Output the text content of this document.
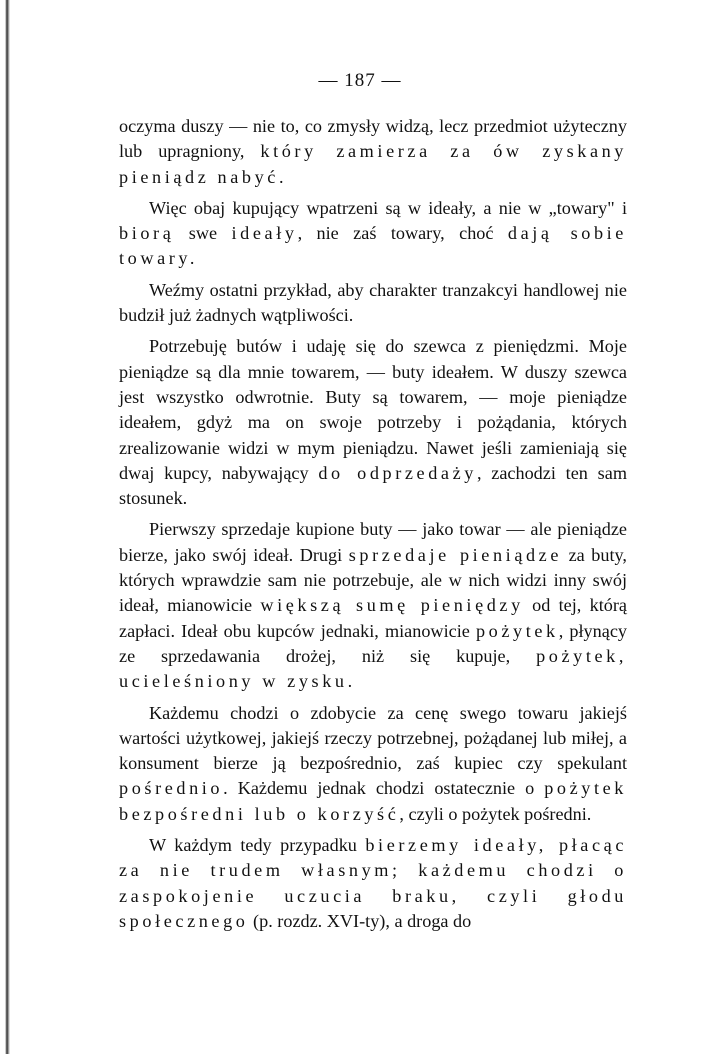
— 187 —

oczyma duszy — nie to, co zmysły widzą, lecz przedmiot użyteczny lub upragniony, który zamierza za ów zyskany pieniądz nabyć.

Więc obaj kupujący wpatrzeni są w ideały, a nie w „towary" i biorą swe ideały, nie zaś towary, choć dają sobie towary.

Weźmy ostatni przykład, aby charakter tranzakcyi handlowej nie budził już żadnych wątpliwości.

Potrzebuję butów i udaję się do szewca z pieniędzmi. Moje pieniądze są dla mnie towarem, — buty ideałem. W duszy szewca jest wszystko odwrotnie. Buty są towarem, — moje pieniądze ideałem, gdyż ma on swoje potrzeby i pożądania, których zrealizowanie widzi w mym pieniądzu. Nawet jeśli zamieniają się dwaj kupcy, nabywający do odprzedaży, zachodzi ten sam stosunek.

Pierwszy sprzedaje kupione buty — jako towar — ale pieniądze bierze, jako swój ideał. Drugi sprzedaje pieniądze za buty, których wprawdzie sam nie potrzebuje, ale w nich widzi inny swój ideał, mianowicie większą sumę pieniędzy od tej, którą zapłaci. Ideał obu kupców jednaki, mianowicie pożytek, płynący ze sprzedawania drożej, niż się kupuje, pożytek, ucieleśniony w zysku.

Każdemu chodzi o zdobycie za cenę swego towaru jakiejś wartości użytkowej, jakiejś rzeczy potrzebnej, pożądanej lub miłej, a konsument bierze ją bezpośrednio, zaś kupiec czy spekulant pośrednio. Każdemu jednak chodzi ostatecznie o pożytek bezpośredni lub o korzyść, czyli o pożytek pośredni.

W każdym tedy przypadku bierzemy ideały, płacąc za nie trudem własnym; każdemu chodzi o zaspokojenie uczucia braku, czyli głodu społecznego (p. rozdz. XVI-ty), a droga do
